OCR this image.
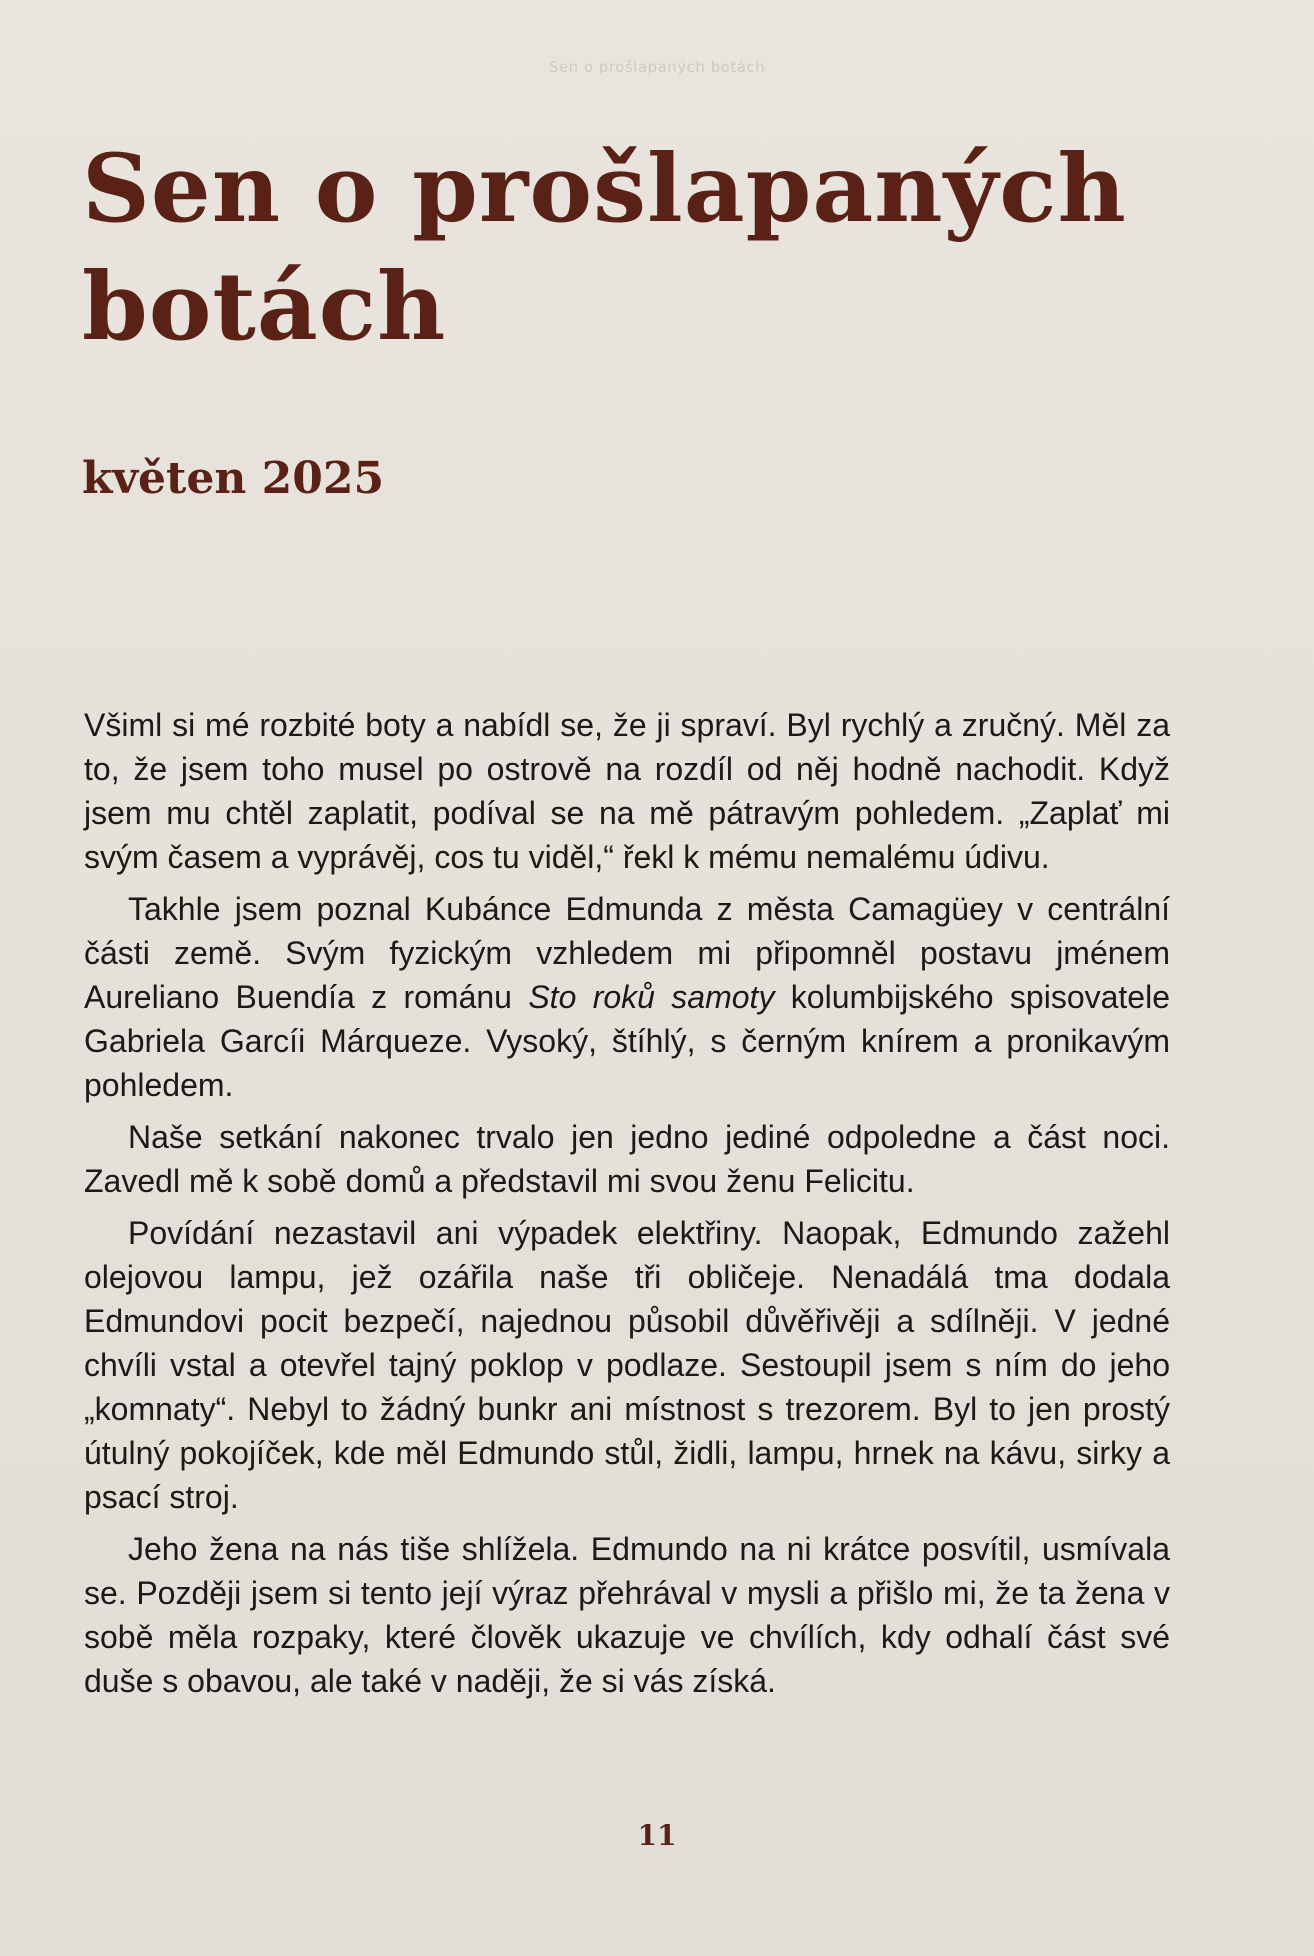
Sen o prošlapaných botách
Sen o prošlapaných botách
květen 2025

Všiml si mé rozbité boty a nabídl se, že ji spraví. Byl rychlý a zručný. Měl za to, že jsem toho musel po ostrově na rozdíl od něj hodně nachodit. Když jsem mu chtěl zaplatit, podíval se na mě pátravým pohledem. „Zaplať mi svým časem a vyprávěj, cos tu viděl,“ řekl k mému nemalému údivu.

Takhle jsem poznal Kubánce Edmunda z města Camagüey v centrální části země. Svým fyzickým vzhledem mi připomněl postavu jménem Aureliano Buendía z románu Sto roků samoty kolumbijského spisovatele Gabriela Garcíi Márqueze. Vysoký, štíhlý, s černým knírem a pronikavým pohledem.

Naše setkání nakonec trvalo jen jedno jediné odpoledne a část noci. Zavedl mě k sobě domů a představil mi svou ženu Felicitu.

Povídání nezastavil ani výpadek elektřiny. Naopak, Edmundo zažehl olejovou lampu, jež ozářila naše tři obličeje. Nenadálá tma dodala Edmundovi pocit bezpečí, najednou působil důvěřivěji a sdílněji. V jedné chvíli vstal a otevřel tajný poklop v podlaze. Sestoupil jsem s ním do jeho „komnaty“. Nebyl to žádný bunkr ani místnost s trezorem. Byl to jen prostý útulný pokojíček, kde měl Edmundo stůl, židli, lampu, hrnek na kávu, sirky a psací stroj.

Jeho žena na nás tiše shlížela. Edmundo na ni krátce posvítil, usmívala se. Později jsem si tento její výraz přehrával v mysli a přišlo mi, že ta žena v sobě měla rozpaky, které člověk ukazuje ve chvílích, kdy odhalí část své duše s obavou, ale také v naději, že si vás získá.

11
